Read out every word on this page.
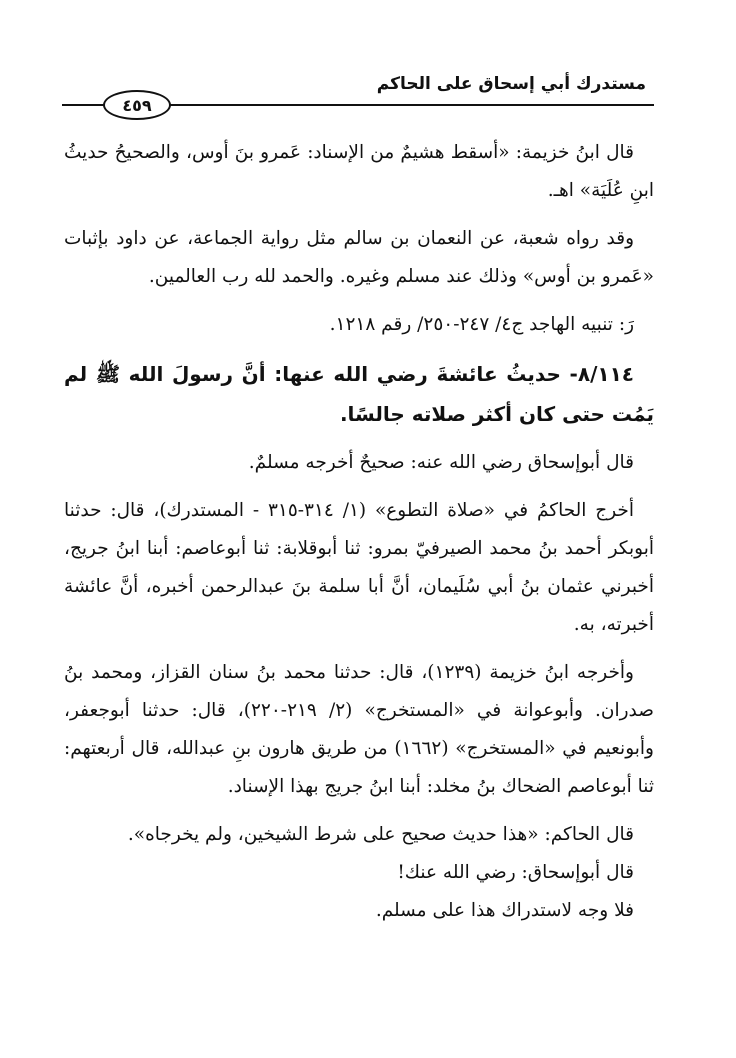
مستدرك أبي إسحاق على الحاكم
٤٥٩

قال ابنُ خزيمة: «أسقط هشيمٌ من الإسناد: عَمرو بنَ أوس، والصحيحُ حديثُ ابنِ عُلَيَة» اهـ.

وقد رواه شعبة، عن النعمان بن سالم مثل رواية الجماعة، عن داود بإثبات «عَمرو بن أوس» وذلك عند مسلم وغيره. والحمد لله رب العالمين.

رَ: تنبيه الهاجد ج٤/ ٢٤٧-٢٥٠/ رقم ١٢١٨.

٨/١١٤- حديثُ عائشةَ رضي الله عنها: أنَّ رسولَ الله ﷺ لم يَمُت حتى كان أكثر صلاته جالسًا.

قال أبوإسحاق رضي الله عنه: صحيحٌ أخرجه مسلمٌ.

أخرج الحاكمُ في «صلاة التطوع» (١/ ٣١٤-٣١٥ - المستدرك)، قال: حدثنا أبوبكر أحمد بنُ محمد الصيرفيّ بمرو: ثنا أبوقلابة: ثنا أبوعاصم: أبنا ابنُ جريج، أخبرني عثمان بنُ أبي سُلَيمان، أنَّ أبا سلمة بنَ عبدالرحمن أخبره، أنَّ عائشة أخبرته، به.

وأخرجه ابنُ خزيمة (١٢٣٩)، قال: حدثنا محمد بنُ سنان القزاز، ومحمد بنُ صدران. وأبوعوانة في «المستخرج» (٢/ ٢١٩-٢٢٠)، قال: حدثنا أبوجعفر، وأبونعيم في «المستخرج» (١٦٦٢) من طريق هارون بنِ عبدالله، قال أربعتهم: ثنا أبوعاصم الضحاك بنُ مخلد: أبنا ابنُ جريج بهذا الإسناد.

قال الحاكم: «هذا حديث صحيح على شرط الشيخين، ولم يخرجاه».

قال أبوإسحاق: رضي الله عنك!

فلا وجه لاستدراك هذا على مسلم.
